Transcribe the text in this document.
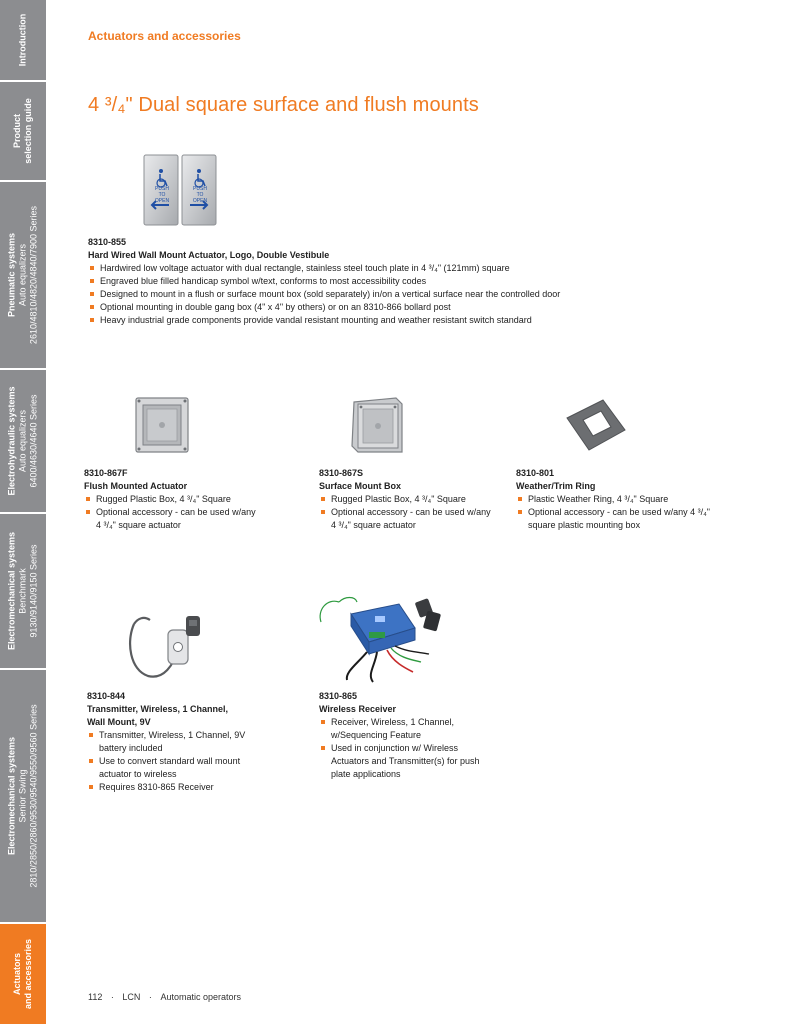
Introduction
Product selection guide
Pneumatic systems Auto equalizers 2610/4810/4820/4840/7900 Series
Electrohydraulic systems Auto equalizers 6400/4630/4640 Series
Electromechanical systems Benchmark 9130/9140/9150 Series
Electromechanical systems Senior Swing 2810/2850/2860/9530/9540/9550/9560 Series
Actuators and accessories
Actuators and accessories
4 ³/₄" Dual square surface and flush mounts
PUSH TO OPEN
PUSH TO OPEN
8310-855
Hard Wired Wall Mount Actuator, Logo, Double Vestibule
Hardwired low voltage actuator with dual rectangle, stainless steel touch plate in 4 ³/₄" (121mm) square
Engraved blue filled handicap symbol w/text, conforms to most accessibility codes
Designed to mount in a flush or surface mount box (sold separately) in/on a vertical surface near the controlled door
Optional mounting in double gang box (4" x 4" by others) or on an 8310-866 bollard post
Heavy industrial grade components provide vandal resistant mounting and weather resistant switch standard
8310-867F
Flush Mounted Actuator
Rugged Plastic Box, 4 ³/₄" Square
Optional accessory - can be used w/any 4 ³/₄" square actuator
8310-867S
Surface Mount Box
Rugged Plastic Box, 4 ³/₄" Square
Optional accessory - can be used w/any 4 ³/₄" square actuator
8310-801
Weather/Trim Ring
Plastic Weather Ring, 4 ³/₄" Square
Optional accessory - can be used w/any 4 ³/₄" square plastic mounting box
8310-844
Transmitter, Wireless, 1 Channel, Wall Mount, 9V
Transmitter, Wireless, 1 Channel, 9V battery included
Use to convert standard wall mount actuator to wireless
Requires 8310-865 Receiver
8310-865
Wireless Receiver
Receiver, Wireless, 1 Channel, w/Sequencing Feature
Used in conjunction w/ Wireless Actuators and Transmitter(s) for push plate applications
112 · LCN · Automatic operators
